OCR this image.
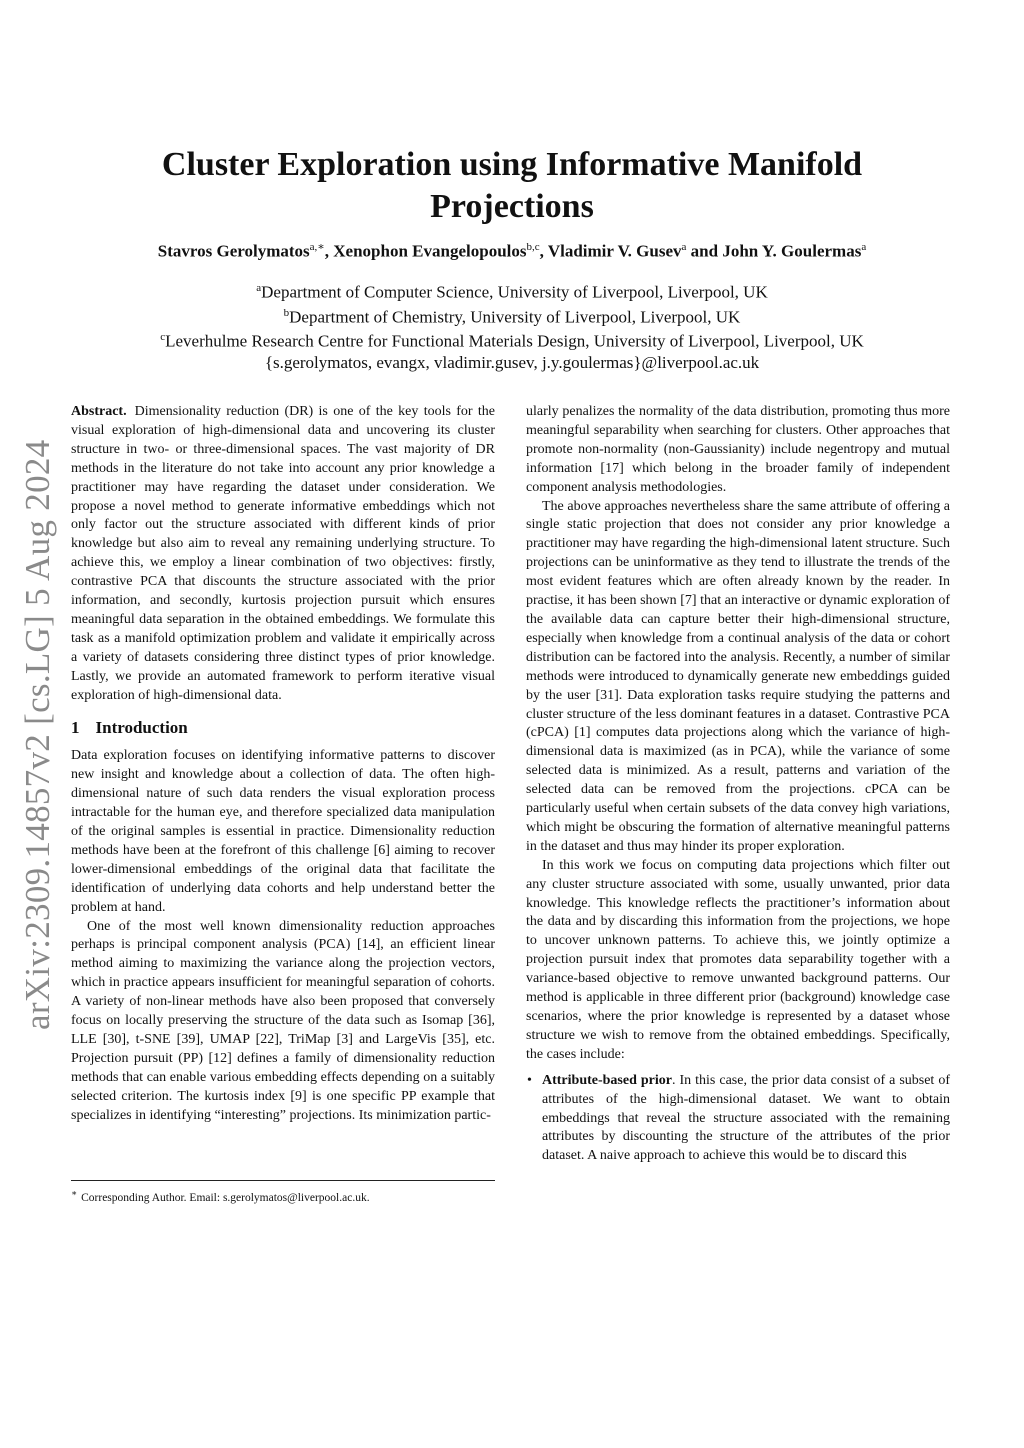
arXiv:2309.14857v2 [cs.LG] 5 Aug 2024
Cluster Exploration using Informative Manifold
Projections
Stavros Gerolymatos$^{a,∗}$, Xenophon Evangelopoulos$^{b,c}$, Vladimir V. Gusev$^a$ and John Y. Goulermas$^a$
$^a$Department of Computer Science, University of Liverpool, Liverpool, UK
$^b$Department of Chemistry, University of Liverpool, Liverpool, UK
$^c$Leverhulme Research Centre for Functional Materials Design, University of Liverpool, Liverpool, UK
{s.gerolymatos, evangx, vladimir.gusev, j.y.goulermas}@liverpool.ac.uk

Abstract. Dimensionality reduction (DR) is one of the key tools for the visual exploration of high-dimensional data and uncovering its cluster structure in two- or three-dimensional spaces. The vast majority of DR methods in the literature do not take into account any prior knowledge a practitioner may have regarding the dataset under consideration. We propose a novel method to generate informative embeddings which not only factor out the structure associated with different kinds of prior knowledge but also aim to reveal any remaining underlying structure. To achieve this, we employ a linear combination of two objectives: firstly, contrastive PCA that discounts the structure associated with the prior information, and secondly, kurtosis projection pursuit which ensures meaningful data separation in the obtained embeddings. We formulate this task as a manifold optimization problem and validate it empirically across a variety of datasets considering three distinct types of prior knowledge. Lastly, we provide an automated framework to perform iterative visual exploration of high-dimensional data.

1 Introduction

Data exploration focuses on identifying informative patterns to discover new insight and knowledge about a collection of data. The often high-dimensional nature of such data renders the visual exploration process intractable for the human eye, and therefore specialized data manipulation of the original samples is essential in practice. Dimensionality reduction methods have been at the forefront of this challenge [6] aiming to recover lower-dimensional embeddings of the original data that facilitate the identification of underlying data cohorts and help understand better the problem at hand.

One of the most well known dimensionality reduction approaches perhaps is principal component analysis (PCA) [14], an efficient linear method aiming to maximizing the variance along the projection vectors, which in practice appears insufficient for meaningful separation of cohorts. A variety of non-linear methods have also been proposed that conversely focus on locally preserving the structure of the data such as Isomap [36], LLE [30], t-SNE [39], UMAP [22], TriMap [3] and LargeVis [35], etc. Projection pursuit (PP) [12] defines a family of dimensionality reduction methods that can enable various embedding effects depending on a suitably selected criterion. The kurtosis index [9] is one specific PP example that specializes in identifying “interesting” projections. Its minimization partic-

∗ Corresponding Author. Email: s.gerolymatos@liverpool.ac.uk.

ularly penalizes the normality of the data distribution, promoting thus more meaningful separability when searching for clusters. Other approaches that promote non-normality (non-Gaussianity) include negentropy and mutual information [17] which belong in the broader family of independent component analysis methodologies.

The above approaches nevertheless share the same attribute of offering a single static projection that does not consider any prior knowledge a practitioner may have regarding the high-dimensional latent structure. Such projections can be uninformative as they tend to illustrate the trends of the most evident features which are often already known by the reader. In practise, it has been shown [7] that an interactive or dynamic exploration of the available data can capture better their high-dimensional structure, especially when knowledge from a continual analysis of the data or cohort distribution can be factored into the analysis. Recently, a number of similar methods were introduced to dynamically generate new embeddings guided by the user [31]. Data exploration tasks require studying the patterns and cluster structure of the less dominant features in a dataset. Contrastive PCA (cPCA) [1] computes data projections along which the variance of high-dimensional data is maximized (as in PCA), while the variance of some selected data is minimized. As a result, patterns and variation of the selected data can be removed from the projections. cPCA can be particularly useful when certain subsets of the data convey high variations, which might be obscuring the formation of alternative meaningful patterns in the dataset and thus may hinder its proper exploration.

In this work we focus on computing data projections which filter out any cluster structure associated with some, usually unwanted, prior data knowledge. This knowledge reflects the practitioner’s information about the data and by discarding this information from the projections, we hope to uncover unknown patterns. To achieve this, we jointly optimize a projection pursuit index that promotes data separability together with a variance-based objective to remove unwanted background patterns. Our method is applicable in three different prior (background) knowledge case scenarios, where the prior knowledge is represented by a dataset whose structure we wish to remove from the obtained embeddings. Specifically, the cases include:

• Attribute-based prior. In this case, the prior data consist of a subset of attributes of the high-dimensional dataset. We want to obtain embeddings that reveal the structure associated with the remaining attributes by discounting the structure of the attributes of the prior dataset. A naive approach to achieve this would be to discard this
